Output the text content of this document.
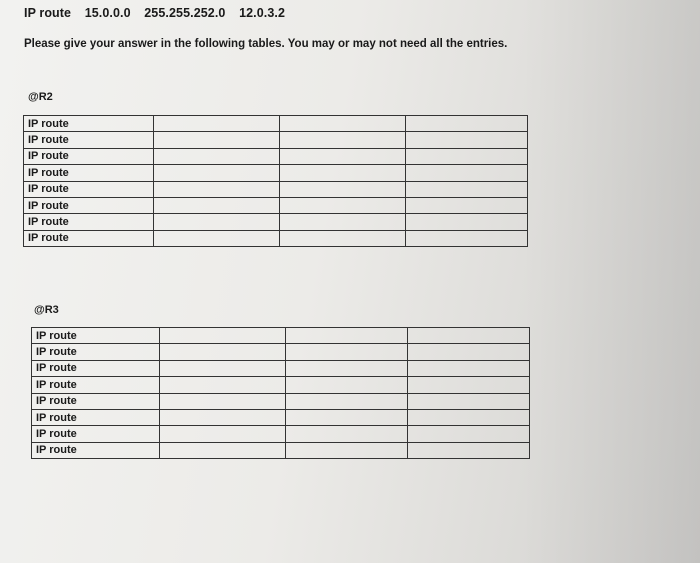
IP route 15.0.0.0 255.255.252.0 12.0.3.2
Please give your answer in the following tables. You may or may not need all the entries.
@R2
IP route			
IP route			
IP route			
IP route			
IP route			
IP route			
IP route			
IP route			
@R3
IP route			
IP route			
IP route			
IP route			
IP route			
IP route			
IP route			
IP route			
